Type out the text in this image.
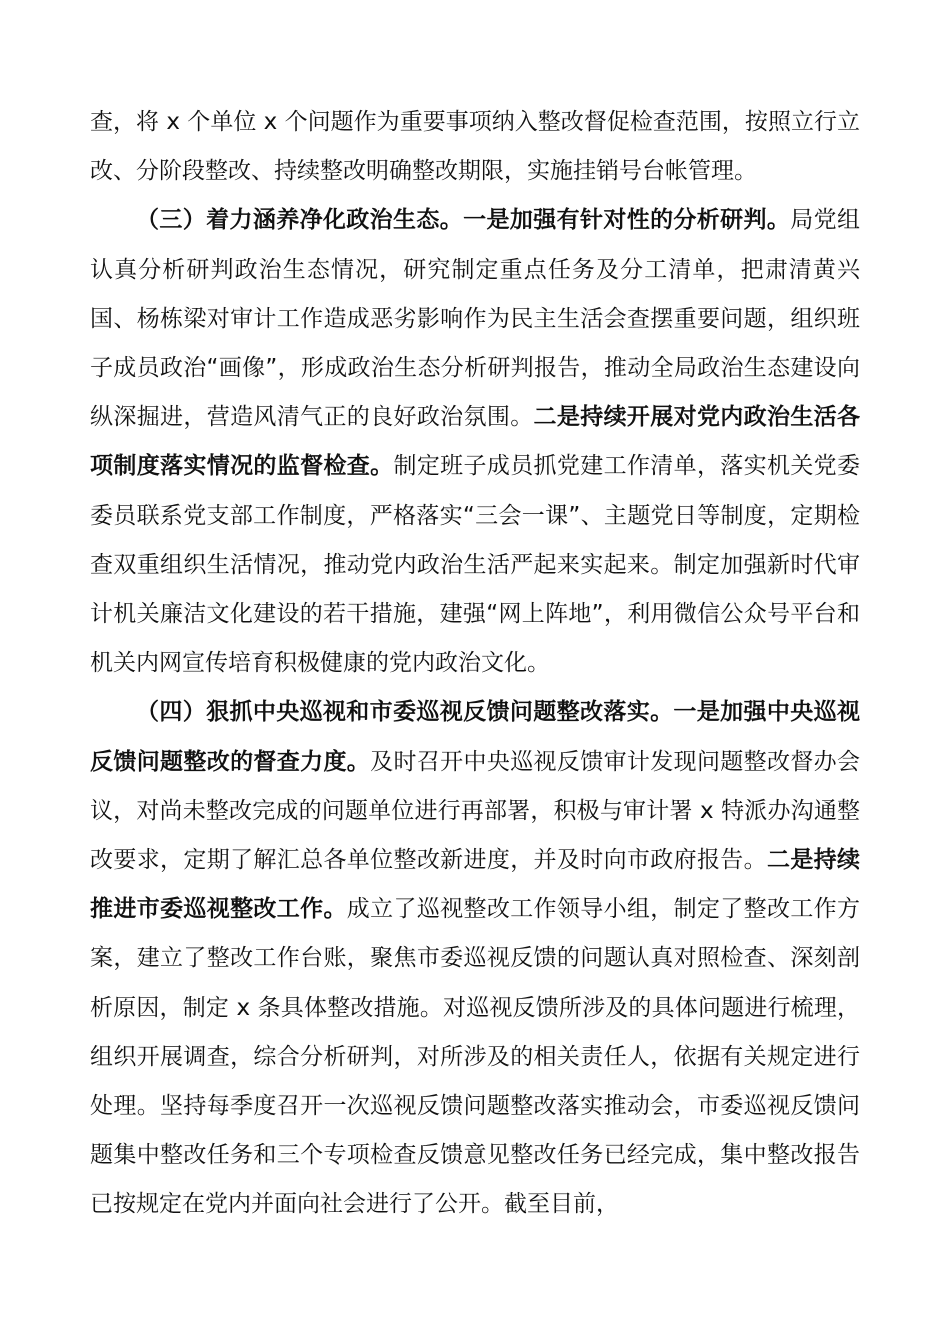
查，将 x 个单位 x 个问题作为重要事项纳入整改督促检查范围，按照立行立改、分阶段整改、持续整改明确整改期限，实施挂销号台帐管理。

（三）着力涵养净化政治生态。一是加强有针对性的分析研判。局党组认真分析研判政治生态情况，研究制定重点任务及分工清单，把肃清黄兴国、杨栋梁对审计工作造成恶劣影响作为民主生活会查摆重要问题，组织班子成员政治“画像”，形成政治生态分析研判报告，推动全局政治生态建设向纵深掘进，营造风清气正的良好政治氛围。二是持续开展对党内政治生活各项制度落实情况的监督检查。制定班子成员抓党建工作清单，落实机关党委委员联系党支部工作制度，严格落实“三会一课”、主题党日等制度，定期检查双重组织生活情况，推动党内政治生活严起来实起来。制定加强新时代审计机关廉洁文化建设的若干措施，建强“网上阵地”，利用微信公众号平台和机关内网宣传培育积极健康的党内政治文化。

（四）狠抓中央巡视和市委巡视反馈问题整改落实。一是加强中央巡视反馈问题整改的督查力度。及时召开中央巡视反馈审计发现问题整改督办会议，对尚未整改完成的问题单位进行再部署，积极与审计署 x 特派办沟通整改要求，定期了解汇总各单位整改新进度，并及时向市政府报告。二是持续推进市委巡视整改工作。成立了巡视整改工作领导小组，制定了整改工作方案，建立了整改工作台账，聚焦市委巡视反馈的问题认真对照检查、深刻剖析原因，制定 x 条具体整改措施。对巡视反馈所涉及的具体问题进行梳理，组织开展调查，综合分析研判，对所涉及的相关责任人，依据有关规定进行处理。坚持每季度召开一次巡视反馈问题整改落实推动会，市委巡视反馈问题集中整改任务和三个专项检查反馈意见整改任务已经完成，集中整改报告已按规定在党内并面向社会进行了公开。截至目前，
